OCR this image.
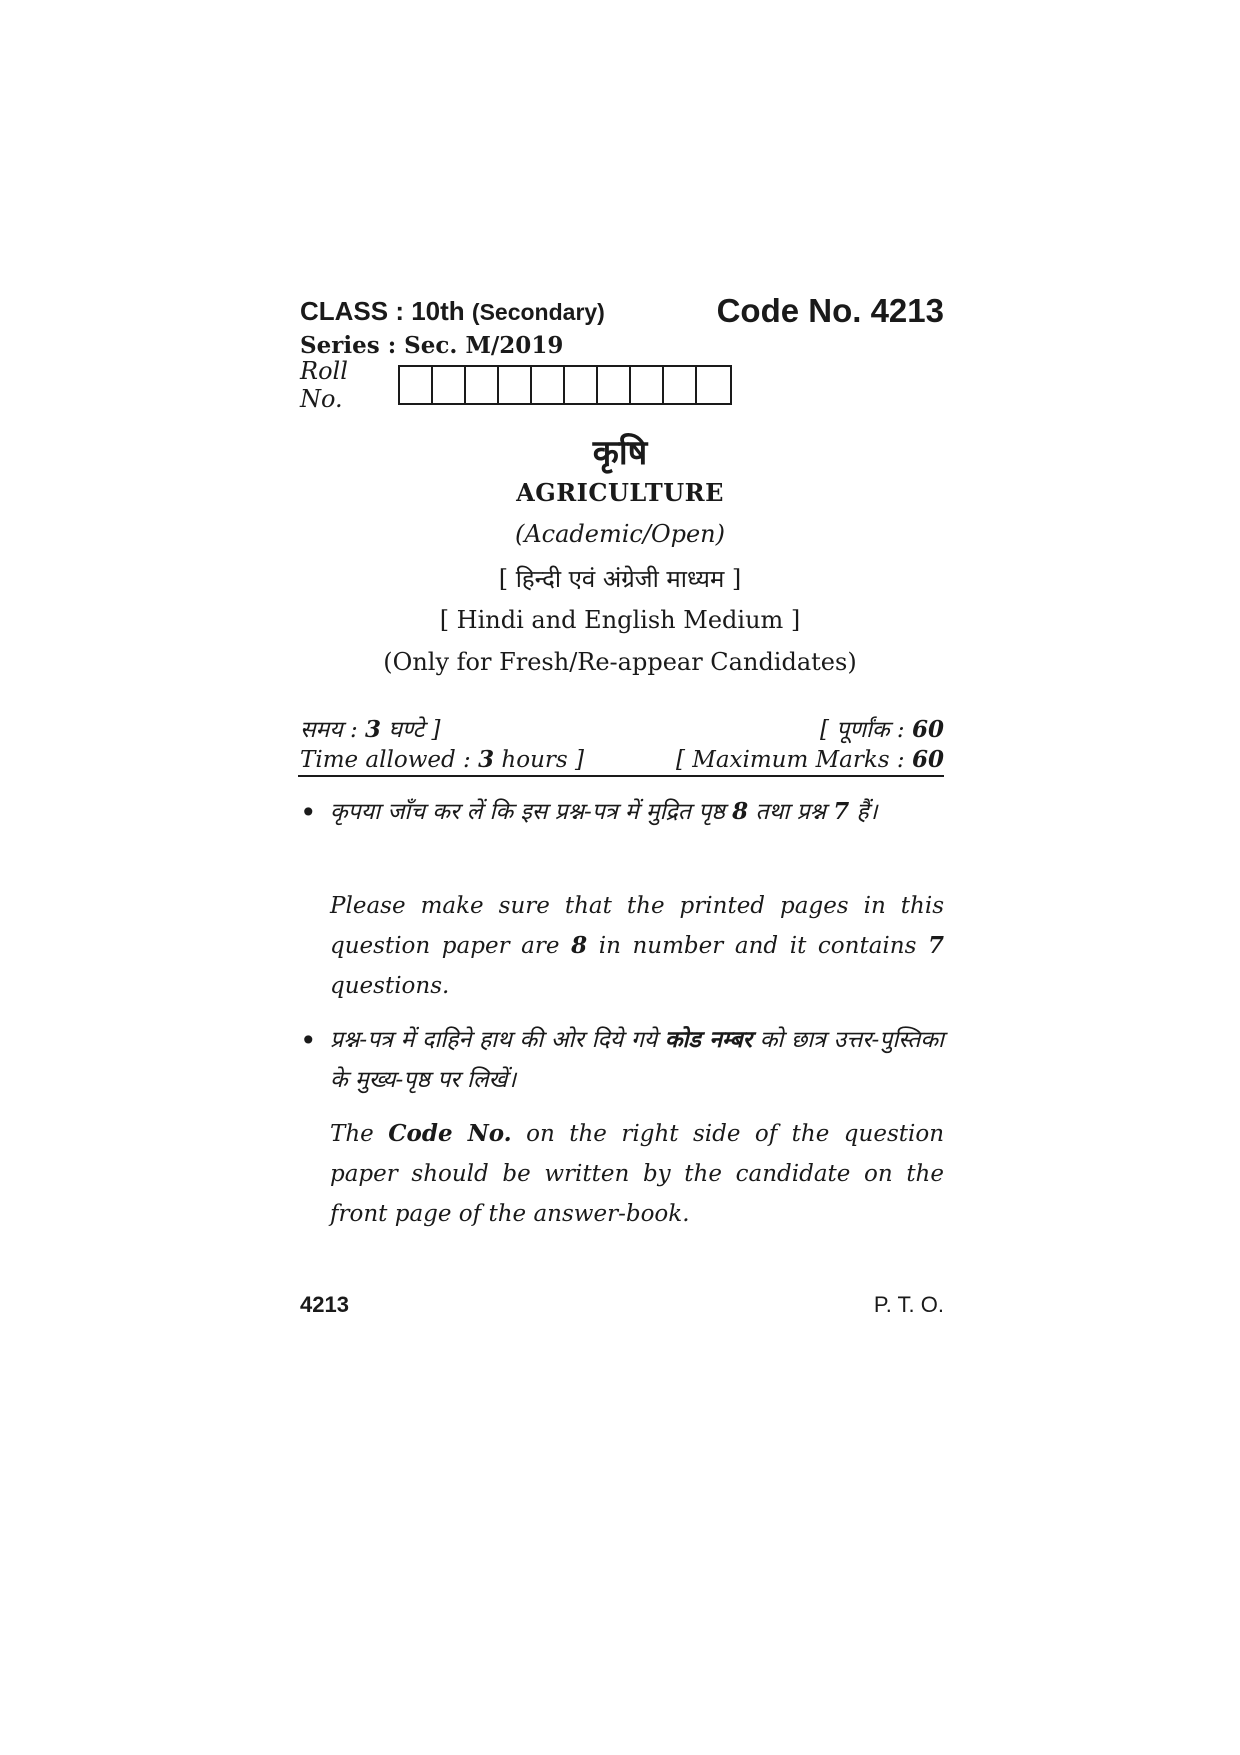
CLASS : 10th (Secondary)	Code No. 4213
Series : Sec. M/2019
Roll No.
कृषि
AGRICULTURE
(Academic/Open)
[ हिन्दी एवं अंग्रेजी माध्यम ]
[ Hindi and English Medium ]
(Only for Fresh/Re-appear Candidates)
समय : 3 घण्टे ]	[ पूर्णांक : 60
Time allowed : 3 hours ]	[ Maximum Marks : 60
• कृपया जाँच कर लें कि इस प्रश्न-पत्र में मुद्रित पृष्ठ 8 तथा प्रश्न 7 हैं।
Please make sure that the printed pages in this question paper are 8 in number and it contains 7 questions.
• प्रश्न-पत्र में दाहिने हाथ की ओर दिये गये कोड नम्बर को छात्र उत्तर-पुस्तिका के मुख्य-पृष्ठ पर लिखें।
The Code No. on the right side of the question paper should be written by the candidate on the front page of the answer-book.
4213	P. T. O.
